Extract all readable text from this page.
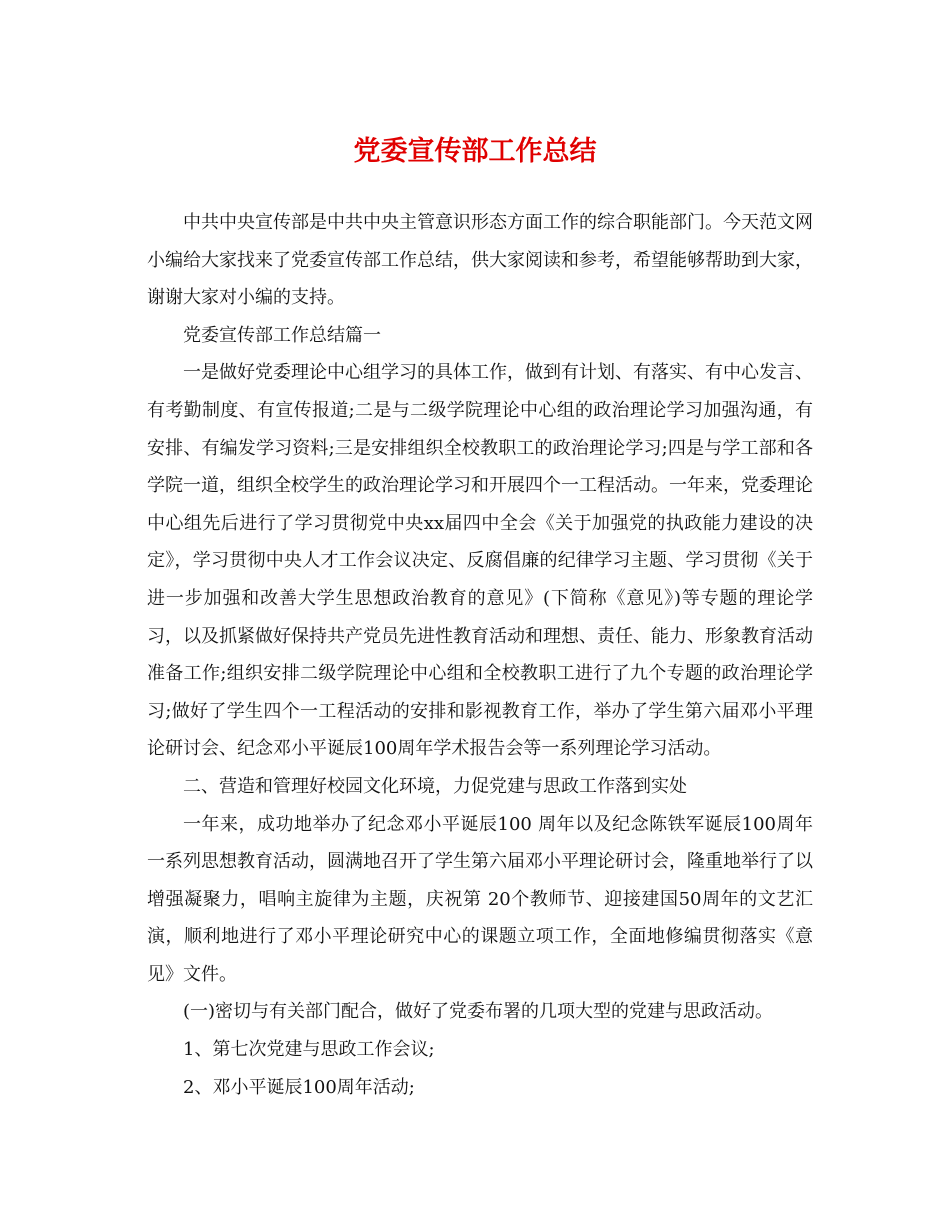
党委宣传部工作总结

中共中央宣传部是中共中央主管意识形态方面工作的综合职能部门。今天范文网小编给大家找来了党委宣传部工作总结，供大家阅读和参考，希望能够帮助到大家，谢谢大家对小编的支持。

党委宣传部工作总结篇一

一是做好党委理论中心组学习的具体工作，做到有计划、有落实、有中心发言、有考勤制度、有宣传报道;二是与二级学院理论中心组的政治理论学习加强沟通，有安排、有编发学习资料;三是安排组织全校教职工的政治理论学习;四是与学工部和各学院一道，组织全校学生的政治理论学习和开展四个一工程活动。一年来，党委理论中心组先后进行了学习贯彻党中央xx届四中全会《关于加强党的执政能力建设的决定》，学习贯彻中央人才工作会议决定、反腐倡廉的纪律学习主题、学习贯彻《关于进一步加强和改善大学生思想政治教育的意见》(下简称《意见》)等专题的理论学习，以及抓紧做好保持共产党员先进性教育活动和理想、责任、能力、形象教育活动准备工作;组织安排二级学院理论中心组和全校教职工进行了九个专题的政治理论学习;做好了学生四个一工程活动的安排和影视教育工作，举办了学生第六届邓小平理论研讨会、纪念邓小平诞辰100周年学术报告会等一系列理论学习活动。

二、营造和管理好校园文化环境，力促党建与思政工作落到实处

一年来，成功地举办了纪念邓小平诞辰100 周年以及纪念陈铁军诞辰100周年一系列思想教育活动，圆满地召开了学生第六届邓小平理论研讨会，隆重地举行了以增强凝聚力，唱响主旋律为主题，庆祝第 20个教师节、迎接建国50周年的文艺汇演，顺利地进行了邓小平理论研究中心的课题立项工作，全面地修编贯彻落实《意见》文件。

(一)密切与有关部门配合，做好了党委布署的几项大型的党建与思政活动。

1、第七次党建与思政工作会议;

2、邓小平诞辰100周年活动;
